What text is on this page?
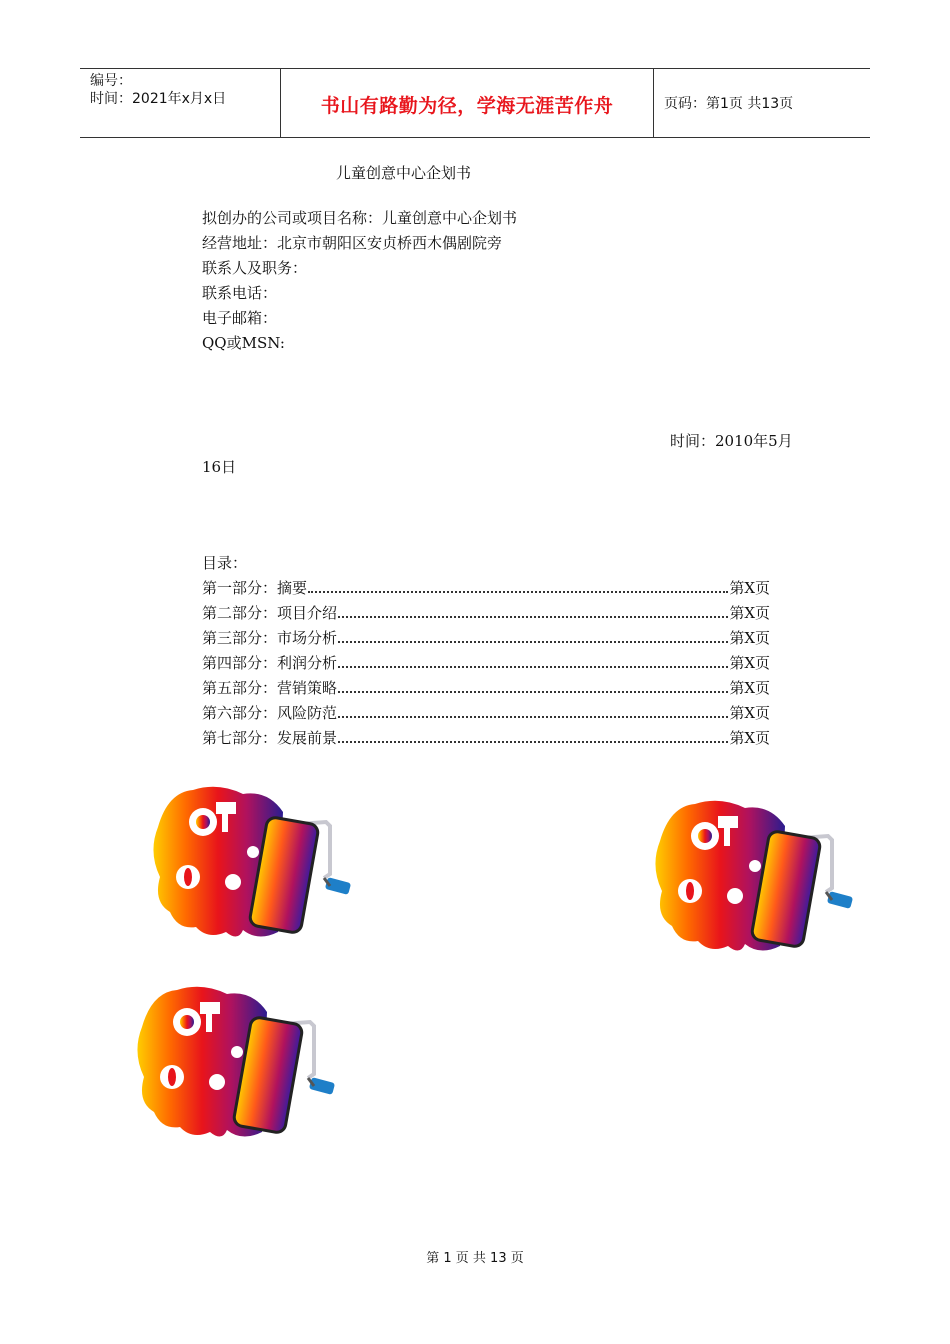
编号：
时间：2021年x月x日	书山有路勤为径，学海无涯苦作舟	页码：第1页 共13页
儿童创意中心企划书
拟创办的公司或项目名称：儿童创意中心企划书
经营地址：北京市朝阳区安贞桥西木偶剧院旁
联系人及职务：
联系电话：
电子邮箱：
QQ或MSN:
时间：2010年5月
16日
目录：
第一部分：摘要	第X页
第二部分：项目介绍	第X页
第三部分：市场分析	第X页
第四部分：利润分析	第X页
第五部分：营销策略	第X页
第六部分：风险防范	第X页
第七部分：发展前景	第X页
第 1 页 共 13 页
